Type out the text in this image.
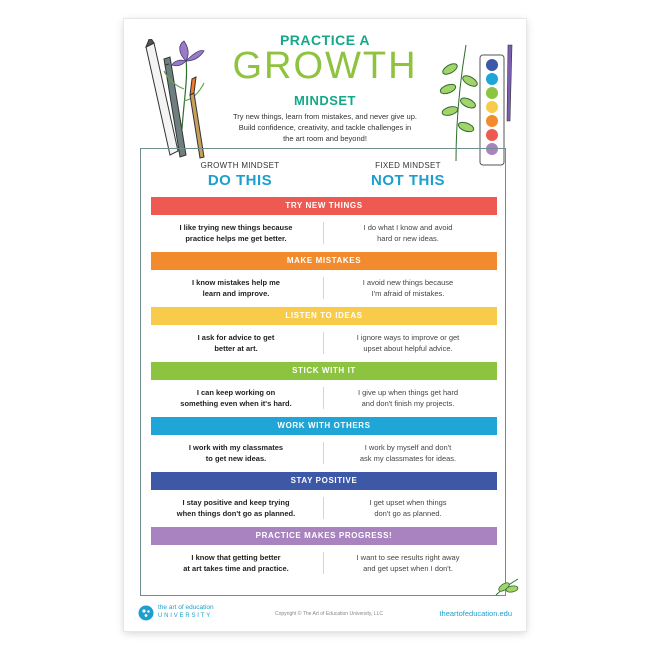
PRACTICE A
GROWTH
MINDSET
Try new things, learn from mistakes, and never give up.
Build confidence, creativity, and tackle challenges in
the art room and beyond!
GROWTH MINDSET
DO THIS
FIXED MINDSET
NOT THIS
TRY NEW THINGS
I like trying new things because
practice helps me get better.
I do what I know and avoid
hard or new ideas.
MAKE MISTAKES
I know mistakes help me
learn and improve.
I avoid new things because
I'm afraid of mistakes.
LISTEN TO IDEAS
I ask for advice to get
better at art.
I ignore ways to improve or get
upset about helpful advice.
STICK WITH IT
I can keep working on
something even when it's hard.
I give up when things get hard
and don't finish my projects.
WORK WITH OTHERS
I work with my classmates
to get new ideas.
I work by myself and don't
ask my classmates for ideas.
STAY POSITIVE
I stay positive and keep trying
when things don't go as planned.
I get upset when things
don't go as planned.
PRACTICE MAKES PROGRESS!
I know that getting better
at art takes time and practice.
I want to see results right away
and get upset when I don't.
the art of education
UNIVERSITY	Copyright © The Art of Education University, LLC	theartofeducation.edu
